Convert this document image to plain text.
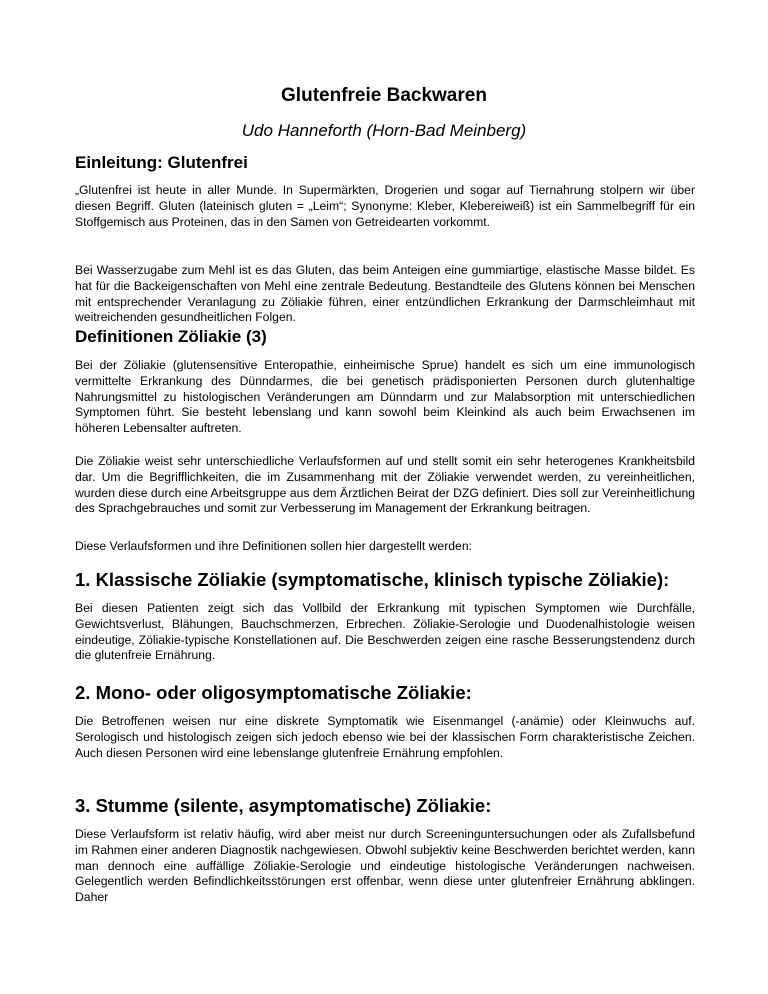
Glutenfreie Backwaren
Udo Hanneforth (Horn-Bad Meinberg)
Einleitung: Glutenfrei

„Glutenfrei ist heute in aller Munde. In Supermärkten, Drogerien und sogar auf Tiernahrung stolpern wir über diesen Begriff. Gluten (lateinisch gluten = „Leim“; Synonyme: Kleber, Klebereiweiß) ist ein Sammelbegriff für ein Stoffgemisch aus Proteinen, das in den Samen von Getreidearten vorkommt.

Bei Wasserzugabe zum Mehl ist es das Gluten, das beim Anteigen eine gummiartige, elastische Masse bildet. Es hat für die Backeigenschaften von Mehl eine zentrale Bedeutung. Bestandteile des Glutens können bei Menschen mit entsprechender Veranlagung zu Zöliakie führen, einer entzündlichen Erkrankung der Darmschleimhaut mit weitreichenden gesundheitlichen Folgen.

Definitionen Zöliakie (3)

Bei der Zöliakie (glutensensitive Enteropathie, einheimische Sprue) handelt es sich um eine immunologisch vermittelte Erkrankung des Dünndarmes, die bei genetisch prädisponierten Personen durch glutenhaltige Nahrungsmittel zu histologischen Veränderungen am Dünndarm und zur Malabsorption mit unterschiedlichen Symptomen führt. Sie besteht lebenslang und kann sowohl beim Kleinkind als auch beim Erwachsenen im höheren Lebensalter auftreten.

Die Zöliakie weist sehr unterschiedliche Verlaufsformen auf und stellt somit ein sehr heterogenes Krankheitsbild dar. Um die Begrifflichkeiten, die im Zusammenhang mit der Zöliakie verwendet werden, zu vereinheitlichen, wurden diese durch eine Arbeitsgruppe aus dem Ärztlichen Beirat der DZG definiert. Dies soll zur Vereinheitlichung des Sprachgebrauches und somit zur Verbesserung im Management der Erkrankung beitragen.

Diese Verlaufsformen und ihre Definitionen sollen hier dargestellt werden:

1. Klassische Zöliakie (symptomatische, klinisch typische Zöliakie):

Bei diesen Patienten zeigt sich das Vollbild der Erkrankung mit typischen Symptomen wie Durchfälle, Gewichtsverlust, Blähungen, Bauchschmerzen, Erbrechen. Zöliakie-Serologie und Duodenalhistologie weisen eindeutige, Zöliakie-typische Konstellationen auf. Die Beschwerden zeigen eine rasche Besserungstendenz durch die glutenfreie Ernährung.

2. Mono- oder oligosymptomatische Zöliakie:

Die Betroffenen weisen nur eine diskrete Symptomatik wie Eisenmangel (-anämie) oder Kleinwuchs auf. Serologisch und histologisch zeigen sich jedoch ebenso wie bei der klassischen Form charakteristische Zeichen. Auch diesen Personen wird eine lebenslange glutenfreie Ernährung empfohlen.

3. Stumme (silente, asymptomatische) Zöliakie:

Diese Verlaufsform ist relativ häufig, wird aber meist nur durch Screeninguntersuchungen oder als Zufallsbefund im Rahmen einer anderen Diagnostik nachgewiesen. Obwohl subjektiv keine Beschwerden berichtet werden, kann man dennoch eine auffällige Zöliakie-Serologie und eindeutige histologische Veränderungen nachweisen. Gelegentlich werden Befindlichkeitsstörungen erst offenbar, wenn diese unter glutenfreier Ernährung abklingen. Daher
